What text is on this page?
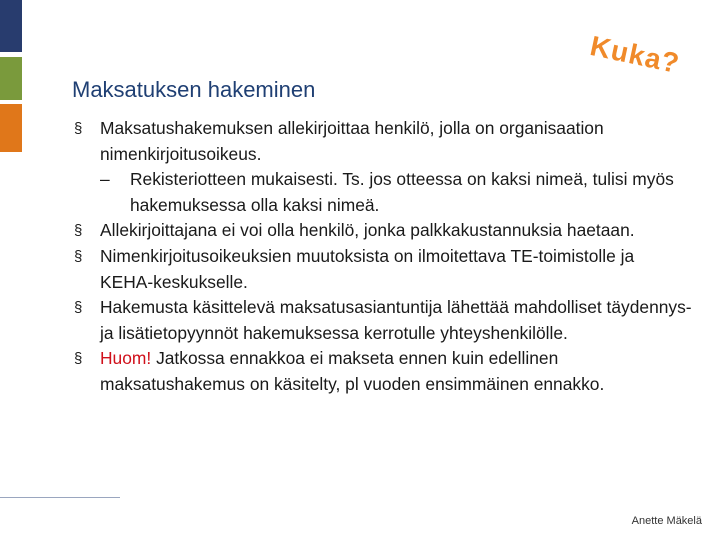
Kuka?
Maksatuksen hakeminen
§ Maksatushakemuksen allekirjoittaa henkilö, jolla on organisaation nimenkirjoitusoikeus.
– Rekisteriotteen mukaisesti. Ts. jos otteessa on kaksi nimeä, tulisi myös hakemuksessa olla kaksi nimeä.
§ Allekirjoittajana ei voi olla henkilö, jonka palkkakustannuksia haetaan.
§ Nimenkirjoitusoikeuksien muutoksista on ilmoitettava TE-toimistolle ja KEHA-keskukselle.
§ Hakemusta käsittelevä maksatusasiantuntija lähettää mahdolliset täydennys- ja lisätietopyynnöt hakemuksessa kerrotulle yhteyshenkilölle.
§ Huom! Jatkossa ennakkoa ei makseta ennen kuin edellinen maksatushakemus on käsitelty, pl vuoden ensimmäinen ennakko.
Anette Mäkelä
